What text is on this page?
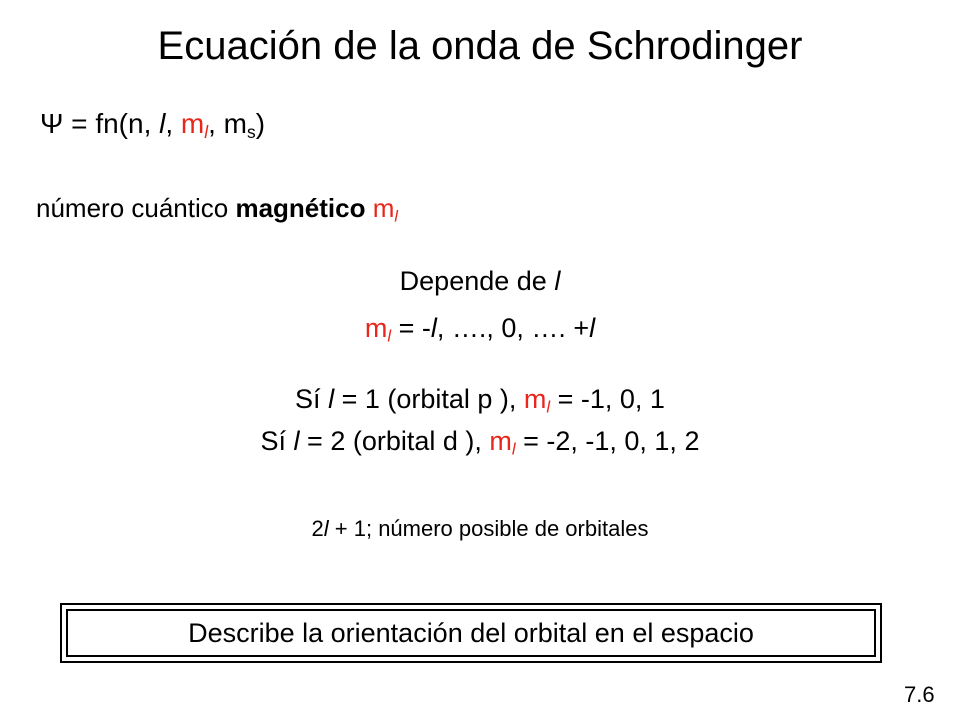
Ecuación de la onda de Schrodinger
Ψ = fn(n, l, $m_l$, $m_s$)
número cuántico magnético $m_l$
Depende de l
$m_l = -l$, …., 0, …. +l
Sí l = 1 (orbital p ), $m_l = -1$, 0, 1
Sí l = 2 (orbital d ), $m_l = -2$, -1, 0, 1, 2
2l + 1; número posible de orbitales
Describe la orientación del orbital en el espacio
7.6
